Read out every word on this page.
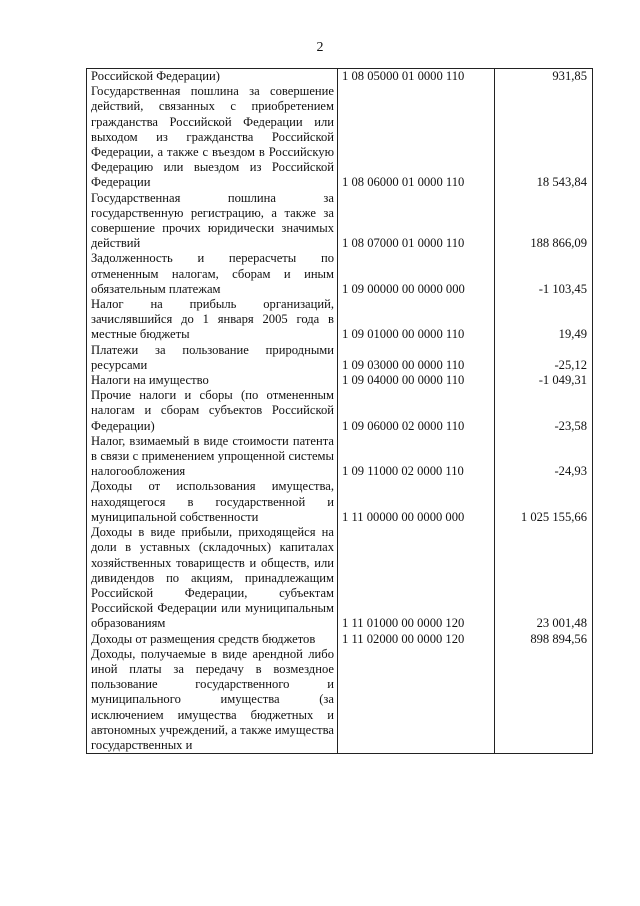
2
Российской Федерации)	1 08 05000 01 0000 110	931,85
Государственная пошлина за совершение действий, связанных с приобретением гражданства Российской Федерации или выходом из гражданства Российской Федерации, а также с въездом в Российскую Федерацию или выездом из Российской Федерации	1 08 06000 01 0000 110	18 543,84
Государственная пошлина за государственную регистрацию, а также за совершение прочих юридически значимых действий	1 08 07000 01 0000 110	188 866,09
Задолженность и перерасчеты по отмененным налогам, сборам и иным обязательным платежам	1 09 00000 00 0000 000	-1 103,45
Налог на прибыль организаций, зачислявшийся до 1 января 2005 года в местные бюджеты	1 09 01000 00 0000 110	19,49
Платежи за пользование природными ресурсами	1 09 03000 00 0000 110	-25,12
Налоги на имущество	1 09 04000 00 0000 110	-1 049,31
Прочие налоги и сборы (по отмененным налогам и сборам субъектов Российской Федерации)	1 09 06000 02 0000 110	-23,58
Налог, взимаемый в виде стоимости патента в связи с применением упрощенной системы налогообложения	1 09 11000 02 0000 110	-24,93
Доходы от использования имущества, находящегося в государственной и муниципальной собственности	1 11 00000 00 0000 000	1 025 155,66
Доходы в виде прибыли, приходящейся на доли в уставных (складочных) капиталах хозяйственных товариществ и обществ, или дивидендов по акциям, принадлежащим Российской Федерации, субъектам Российской Федерации или муниципальным образованиям	1 11 01000 00 0000 120	23 001,48
Доходы от размещения средств бюджетов	1 11 02000 00 0000 120	898 894,56
Доходы, получаемые в виде арендной либо иной платы за передачу в возмездное пользование государственного и муниципального имущества (за исключением имущества бюджетных и автономных учреждений, а также имущества государственных и		
